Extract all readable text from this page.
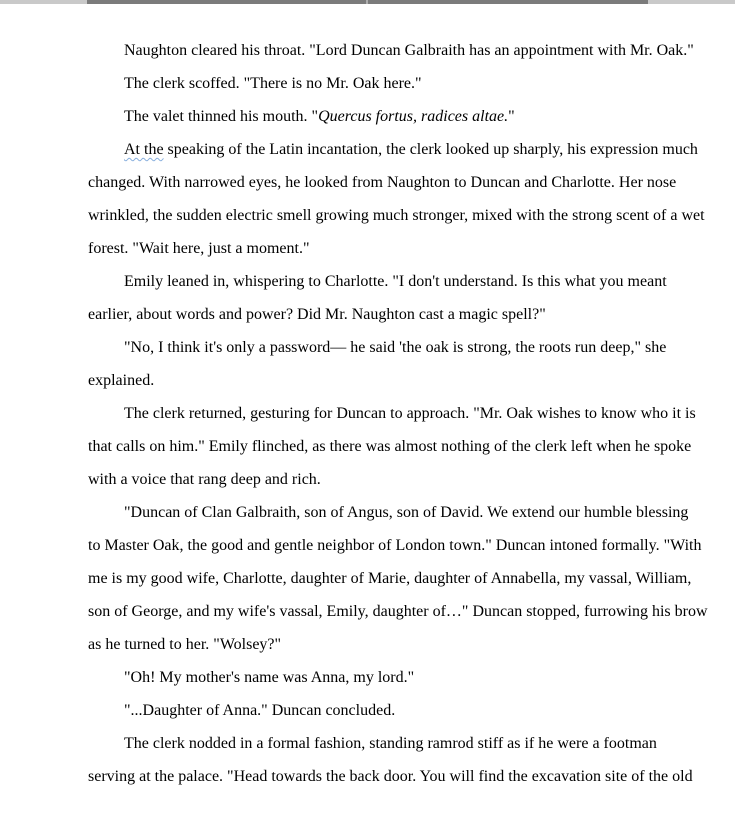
Naughton cleared his throat. "Lord Duncan Galbraith has an appointment with Mr. Oak."
The clerk scoffed. "There is no Mr. Oak here."
The valet thinned his mouth. "Quercus fortus, radices altae."
At the speaking of the Latin incantation, the clerk looked up sharply, his expression much
changed. With narrowed eyes, he looked from Naughton to Duncan and Charlotte. Her nose
wrinkled, the sudden electric smell growing much stronger, mixed with the strong scent of a wet
forest. "Wait here, just a moment."
Emily leaned in, whispering to Charlotte. "I don't understand. Is this what you meant
earlier, about words and power? Did Mr. Naughton cast a magic spell?"
"No, I think it's only a password— he said 'the oak is strong, the roots run deep," she
explained.
The clerk returned, gesturing for Duncan to approach. "Mr. Oak wishes to know who it is
that calls on him." Emily flinched, as there was almost nothing of the clerk left when he spoke
with a voice that rang deep and rich.
"Duncan of Clan Galbraith, son of Angus, son of David. We extend our humble blessing
to Master Oak, the good and gentle neighbor of London town." Duncan intoned formally. "With
me is my good wife, Charlotte, daughter of Marie, daughter of Annabella, my vassal, William,
son of George, and my wife's vassal, Emily, daughter of…" Duncan stopped, furrowing his brow
as he turned to her. "Wolsey?"
"Oh! My mother's name was Anna, my lord."
"...Daughter of Anna." Duncan concluded.
The clerk nodded in a formal fashion, standing ramrod stiff as if he were a footman
serving at the palace. "Head towards the back door. You will find the excavation site of the old
